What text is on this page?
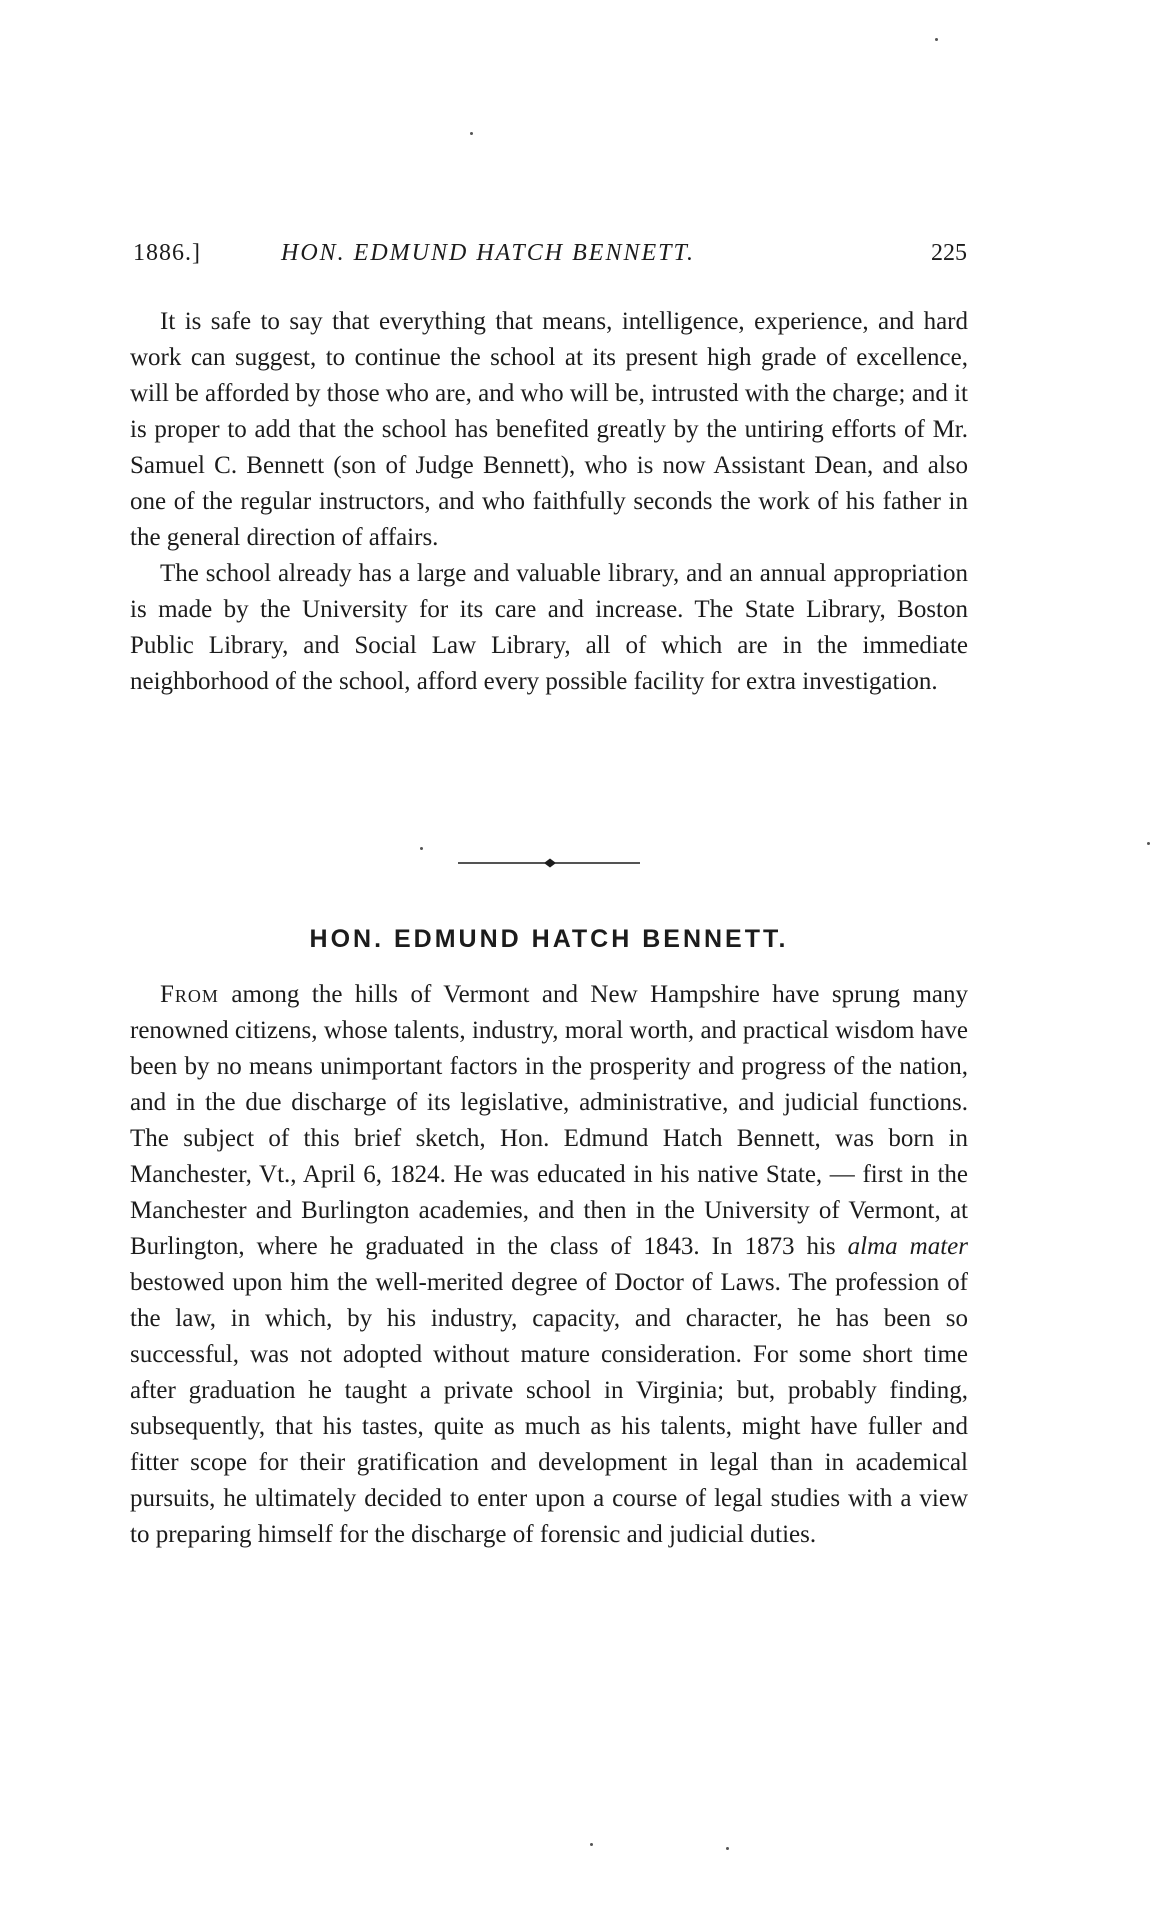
1886.]	HON. EDMUND HATCH BENNETT.	225

It is safe to say that everything that means, intelligence, experience, and hard work can suggest, to continue the school at its present high grade of excellence, will be afforded by those who are, and who will be, intrusted with the charge; and it is proper to add that the school has benefited greatly by the untiring efforts of Mr. Samuel C. Bennett (son of Judge Bennett), who is now Assistant Dean, and also one of the regular instructors, and who faithfully seconds the work of his father in the general direction of affairs.

The school already has a large and valuable library, and an annual appropriation is made by the University for its care and increase. The State Library, Boston Public Library, and Social Law Library, all of which are in the immediate neighborhood of the school, afford every possible facility for extra investigation.

HON. EDMUND HATCH BENNETT.

From among the hills of Vermont and New Hampshire have sprung many renowned citizens, whose talents, industry, moral worth, and practical wisdom have been by no means unimportant factors in the prosperity and progress of the nation, and in the due discharge of its legislative, administrative, and judicial functions. The subject of this brief sketch, Hon. Edmund Hatch Bennett, was born in Manchester, Vt., April 6, 1824. He was educated in his native State, — first in the Manchester and Burlington academies, and then in the University of Vermont, at Burlington, where he graduated in the class of 1843. In 1873 his alma mater bestowed upon him the well-merited degree of Doctor of Laws. The profession of the law, in which, by his industry, capacity, and character, he has been so successful, was not adopted without mature consideration. For some short time after graduation he taught a private school in Virginia; but, probably finding, subsequently, that his tastes, quite as much as his talents, might have fuller and fitter scope for their gratification and development in legal than in academical pursuits, he ultimately decided to enter upon a course of legal studies with a view to preparing himself for the discharge of forensic and judicial duties.
